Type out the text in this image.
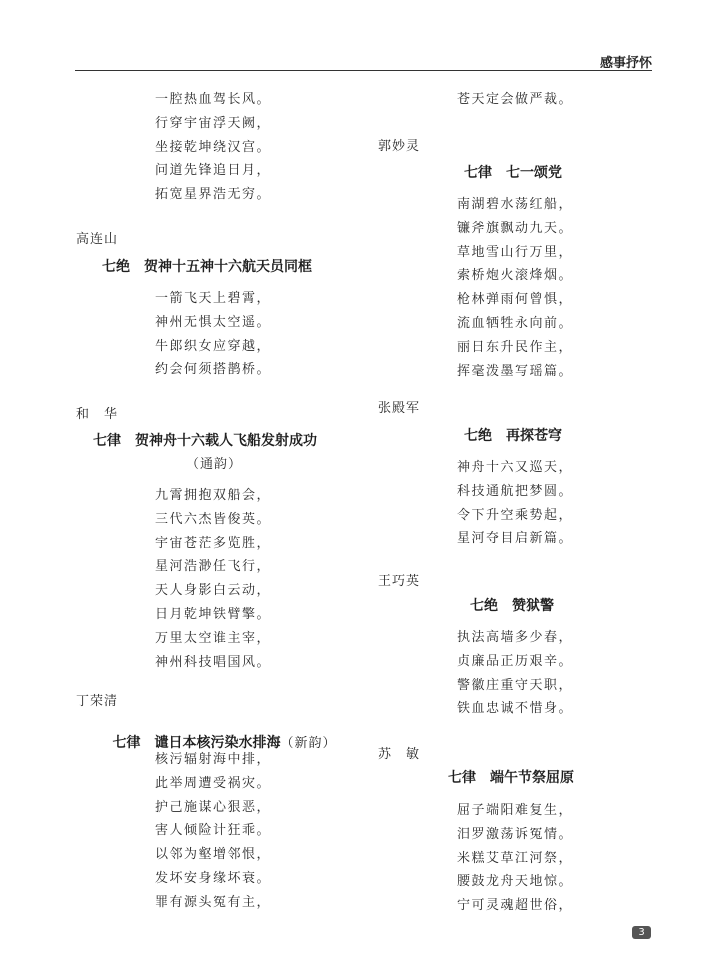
感事抒怀
一腔热血驾长风。
行穿宇宙浮天阙，
坐接乾坤绕汉宫。
问道先锋追日月，
拓宽星界浩无穷。
高连山
七绝　贺神十五神十六航天员同框
一箭飞天上碧霄，
神州无惧太空遥。
牛郎织女应穿越，
约会何须搭鹊桥。
和　华
七律　贺神舟十六载人飞船发射成功
（通韵）
九霄拥抱双船会，
三代六杰皆俊英。
宇宙苍茫多览胜，
星河浩渺任飞行，
天人身影白云动，
日月乾坤铁臂擎。
万里太空谁主宰，
神州科技唱国风。
丁荣清

七律　谴日本核污染水排海（新韵）

核污辐射海中排，
此举周遭受祸灾。
护己施谋心狠恶，
害人倾险计狂乖。
以邻为壑增邻恨，
发坏安身缘坏衰。
罪有源头冤有主，
苍天定会做严裁。
郭妙灵
七律　七一颂党
南湖碧水荡红船，
镰斧旗飘动九天。
草地雪山行万里，
索桥炮火滚烽烟。
枪林弹雨何曾惧，
流血牺牲永向前。
丽日东升民作主，
挥毫泼墨写瑶篇。
张殿军
七绝　再探苍穹
神舟十六又巡天，
科技通航把梦圆。
令下升空乘势起，
星河夺目启新篇。
王巧英
七绝　赞狱警
执法高墙多少春，
贞廉品正历艰辛。
警徽庄重守天职，
铁血忠诚不惜身。
苏　敏
七律　端午节祭屈原
屈子端阳难复生，
汨罗激荡诉冤情。
米糕艾草江河祭，
腰鼓龙舟天地惊。
宁可灵魂超世俗，
3
